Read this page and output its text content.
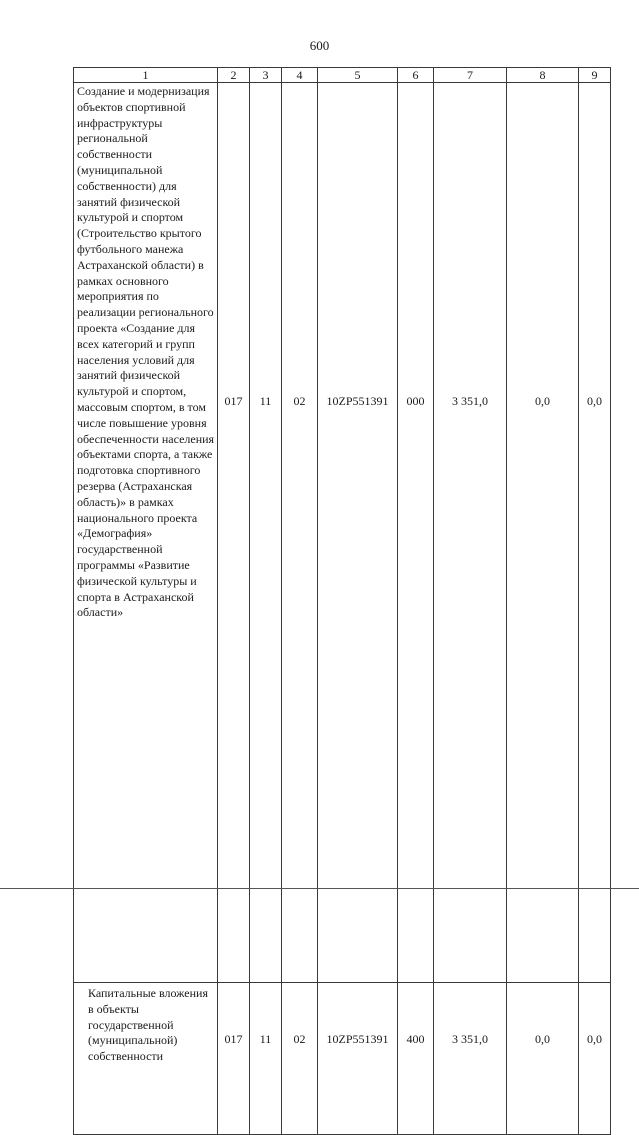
600
1	2	3	4	5	6	7	8	9
Создание и модернизация объектов спортивной инфраструктуры региональной собственности (муниципальной собственности) для занятий физической культурой и спортом (Строительство крытого футбольного манежа Астраханской области) в рамках основного мероприятия по реализации регионального проекта «Создание для всех категорий и групп населения условий для занятий физической культурой и спортом, массовым спортом, в том числе повышение уровня обеспеченности населения объектами спорта, а также подготовка спортивного резерва (Астраханская область)» в рамках национального проекта «Демография» государственной программы «Развитие физической культуры и спорта в Астраханской области»	017	11	02	10ZP551391	000	3 351,0	0,0	0,0
Капитальные вложения в объекты государственной (муниципальной) собственности	017	11	02	10ZP551391	400	3 351,0	0,0	0,0
